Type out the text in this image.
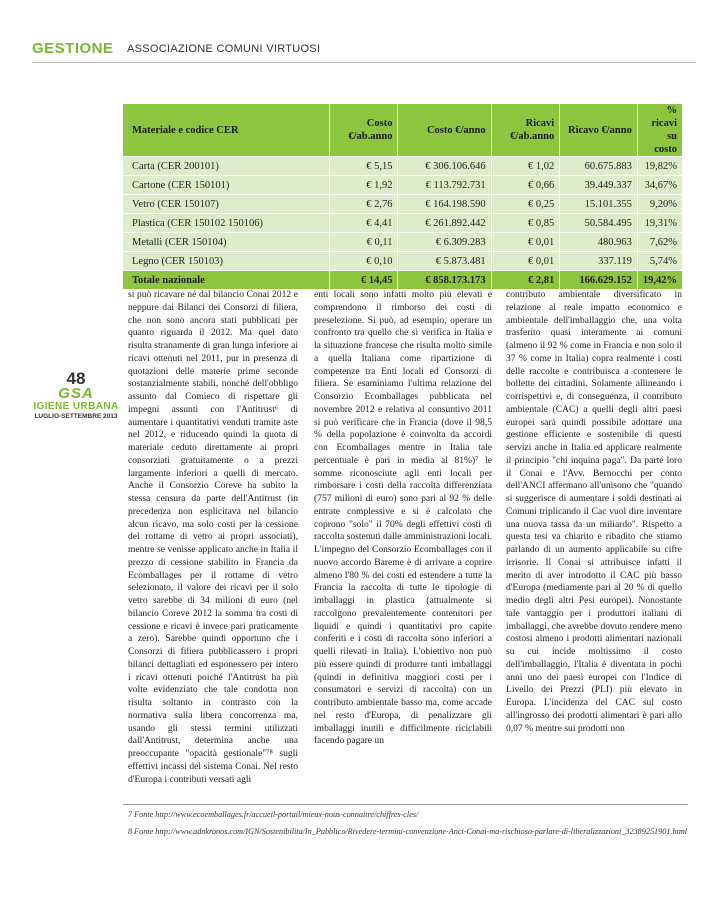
GESTIONE ASSOCIAZIONE COMUNI VIRTUOSI
Materiale e codice CER	Costo €/ab.anno	Costo €/anno	Ricavi €/ab.anno	Ricavo €/anno	% ricavi su costo
Carta (CER 200101)	€ 5,15	€ 306.106.646	€ 1,02	60.675.883	19,82%
Cartone (CER 150101)	€ 1,92	€ 113.792.731	€ 0,66	39.449.337	34,67%
Vetro (CER 150107)	€ 2,76	€ 164.198.590	€ 0,25	15.101.355	9,20%
Plastica (CER 150102 150106)	€ 4,41	€ 261.892.442	€ 0,85	50.584.495	19,31%
Metalli (CER 150104)	€ 0,11	€ 6.309.283	€ 0,01	480.963	7,62%
Legno (CER 150103)	€ 0,10	€ 5.873.481	€ 0,01	337.119	5,74%
Totale nazionale	€ 14,45	€ 858.173.173	€ 2,81	166.629.152	19,42%
48
GSA
IGIENE URBANA
LUGLIO-SETTEMBRE 2013

si può ricavare né dal bilancio Conai 2012 e neppure dai Bilanci dei Consorzi di filiera, che non sono ancora stati pubblicati per quanto riguarda il 2012. Ma quel dato risulta stranamente di gran lunga inferiore ai ricavi ottenuti nel 2011, pur in presenza di quotazioni delle materie prime seconde sostanzialmente stabili, nonché dell'obbligo assunto dal Comieco di rispettare gli impegni assunti con l'Antitrust⁶ di aumentare i quantitativi venduti tramite aste nel 2012, e riducendo quindi la quota di materiale ceduto direttamente ai propri consorziati gratuitamente o a prezzi largamente inferiori a quelli di mercato. Anche il Consorzio Coreve ha subito la stessa censura da parte dell'Antitrust (in precedenza non esplicitava nel bilancio alcun ricavo, ma solo costi per la cessione del rottame di vetro ai propri associati), mentre se venisse applicato anche in Italia il prezzo di cessione stabilito in Francia da Ecomballages per il rottame di vetro selezionato, il valore dei ricavi per il solo vetro sarebbe di 34 milioni di euro (nel bilancio Coreve 2012 la somma tra costi di cessione e ricavi è invece pari praticamente a zero). Sarebbe quindi opportuno che i Consorzi di filiera pubblicassero i propri bilanci dettagliati ed esponessero per intero i ricavi ottenuti poiché l'Antitrust ha più volte evidenziato che tale condotta non risulta soltanto in contrasto con la normativa sulla libera concorrenza ma, usando gli stessi termini utilizzati dall'Antitrust, determina anche una preoccupante "opacità gestionale"⁷⁸ sugli effettivi incassi del sistema Conai. Nel resto d'Europa i contributi versati agli

enti locali sono infatti molto più elevati e comprendono il rimborso dei costi di preselezione. Si può, ad esempio, operare un confronto tra quello che si verifica in Italia e la situazione francese che risulta molto simile a quella Italiana come ripartizione di competenze tra Enti locali ed Consorzi di filiera. Se esaminiamo l'ultima relazione del Consorzio Ecomballages pubblicata nel novembre 2012 e relativa al consuntivo 2011 si può verificare che in Francia (dove il 98,5 % della popolazione è coinvolta da accordi con Ecomballages mentre in Italia tale percentuale è pari in media al 81%)⁷ le somme riconosciute agli enti locali per rimborsare i costi della raccolta differenziata (757 milioni di euro) sono pari al 92 % delle entrate complessive e si è calcolato che coprono "solo" il 70% degli effettivi costi di raccolta sostenuti dalle amministrazioni locali. L'impegno del Consorzio Ecomballages con il nuovo accordo Bareme è di arrivare a coprire almeno l'80 % dei costi ed estendere a tutte la Francia la raccolta di tutte le tipologie di imballaggi in plastica (attualmente si raccolgono prevalentemente contenitori per liquidi e quindi i quantitativi pro capite conferiti e i costi di raccolta sono inferiori a quelli rilevati in Italia). L'obiettivo non può più essere quindi di produrre tanti imballaggi (quindi in definitiva maggiori costi per i consumatori e servizi di raccolta) con un contributo ambientale basso ma, come accade nel resto d'Europa, di penalizzare gli imballaggi inutili e difficilmente riciclabili facendo pagare un

contributo ambientale diversificato in relazione al reale impatto economico e ambientale dell'imballaggio che, una volta trasferito quasi interamente ai comuni (almeno il 92 % come in Francia e non solo il 37 % come in Italia) copra realmente i costi delle raccolte e contribuisca a contenere le bollette dei cittadini. Solamente allineando i corrispettivi e, di conseguenza, il contributo ambientale (CAC) a quelli degli altri paesi europei sarà quindi possibile adottare una gestione efficiente e sostenibile di questi servizi anche in Italia ed applicare realmente il principio "chi inquina paga". Da parte loro il Conai e l'Avv. Bernocchi per conto dell'ANCI affermano all'unisono che "quando si suggerisce di aumentare i soldi destinati ai Comuni triplicando il Cac vuol dire inventare una nuova tassa da un miliardo". Rispetto a questa tesi va chiarito e ribadito che stiamo parlando di un aumento applicabile su cifre irrisorie. Il Conai si attribuisce infatti il merito di aver introdotto il CAC più basso d'Europa (mediamente pari al 20 % di quello medio degli altri Pesi europei). Nonostante tale vantaggio per i produttori italiani di imballaggi, che avrebbe dovuto rendere meno costosi almeno i prodotti alimentari nazionali su cui incide moltissimo il costo dell'imballaggio, l'Italia è diventata in pochi anni uno dei paesi europei con l'Indice di Livello dei Prezzi (PLI) più elevato in Europa. L'incidenza del CAC sul costo all'ingrosso dei prodotti alimentari è pari allo 0,07 % mentre sui prodotti non

7 Fonte http://www.ecoemballages.fr/accueil-portail/mieux-nous-connaitre/chiffres-cles/
8 Fonte http://www.adnkronos.com/IGN/Sostenibilita/In_Pubblico/Rivedere-termini-convenzione-Anci-Conai-ma-rischioso-parlare-di-liberalizzazioni_32389251901.html
